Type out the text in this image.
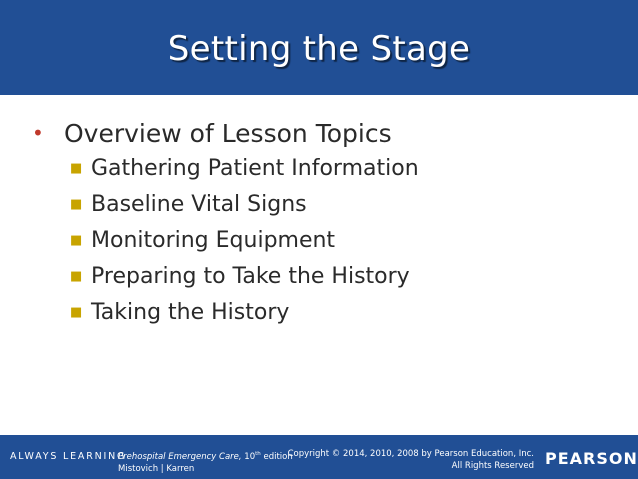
Setting the Stage
• Overview of Lesson Topics
■ Gathering Patient Information
■ Baseline Vital Signs
■ Monitoring Equipment
■ Preparing to Take the History
■ Taking the History
ALWAYS LEARNING
Prehospital Emergency Care, 10th edition
Mistovich | Karren
Copyright © 2014, 2010, 2008 by Pearson Education, Inc.
All Rights Reserved PEARSON
